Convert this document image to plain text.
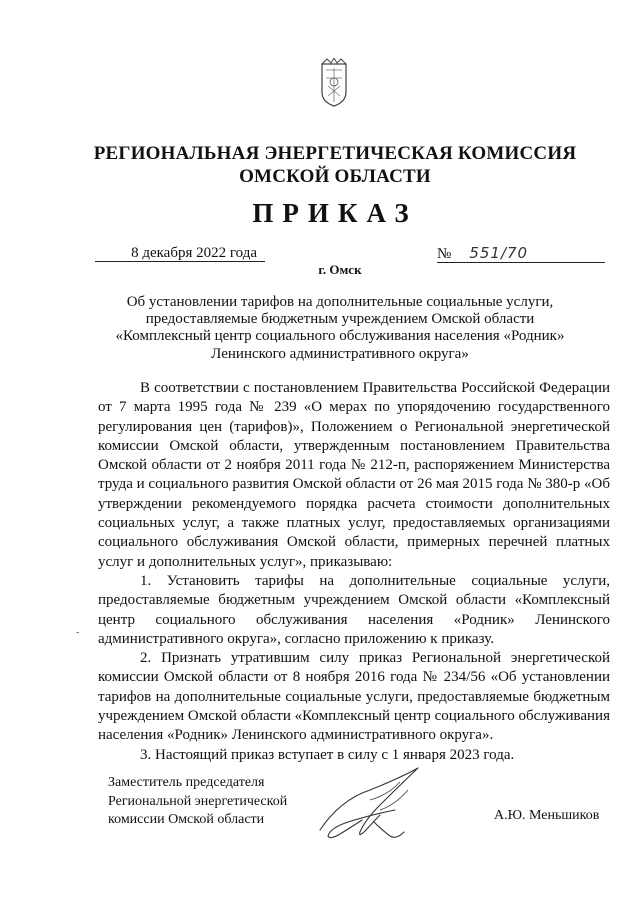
РЕГИОНАЛЬНАЯ ЭНЕРГЕТИЧЕСКАЯ КОМИССИЯ
ОМСКОЙ ОБЛАСТИ
ПРИКАЗ
8 декабря 2022 года	№ 551/70
г. Омск
Об установлении тарифов на дополнительные социальные услуги,
предоставляемые бюджетным учреждением Омской области
«Комплексный центр социального обслуживания населения «Родник»
Ленинского административного округа»

В соответствии с постановлением Правительства Российской Федерации от 7 марта 1995 года № 239 «О мерах по упорядочению государственного регулирования цен (тарифов)», Положением о Региональной энергетической комиссии Омской области, утвержденным постановлением Правительства Омской области от 2 ноября 2011 года № 212-п, распоряжением Министерства труда и социального развития Омской области от 26 мая 2015 года № 380-р «Об утверждении рекомендуемого порядка расчета стоимости дополнительных социальных услуг, а также платных услуг, предоставляемых организациями социального обслуживания Омской области, примерных перечней платных услуг и дополнительных услуг», приказываю:

1. Установить тарифы на дополнительные социальные услуги, предоставляемые бюджетным учреждением Омской области «Комплексный центр социального обслуживания населения «Родник» Ленинского административного округа», согласно приложению к приказу.

2. Признать утратившим силу приказ Региональной энергетической комиссии Омской области от 8 ноября 2016 года № 234/56 «Об установлении тарифов на дополнительные социальные услуги, предоставляемые бюджетным учреждением Омской области «Комплексный центр социального обслуживания населения «Родник» Ленинского административного округа».

3. Настоящий приказ вступает в силу с 1 января 2023 года.

-
Заместитель председателя
Региональной энергетической
комиссии Омской области	А.Ю. Меньшиков
